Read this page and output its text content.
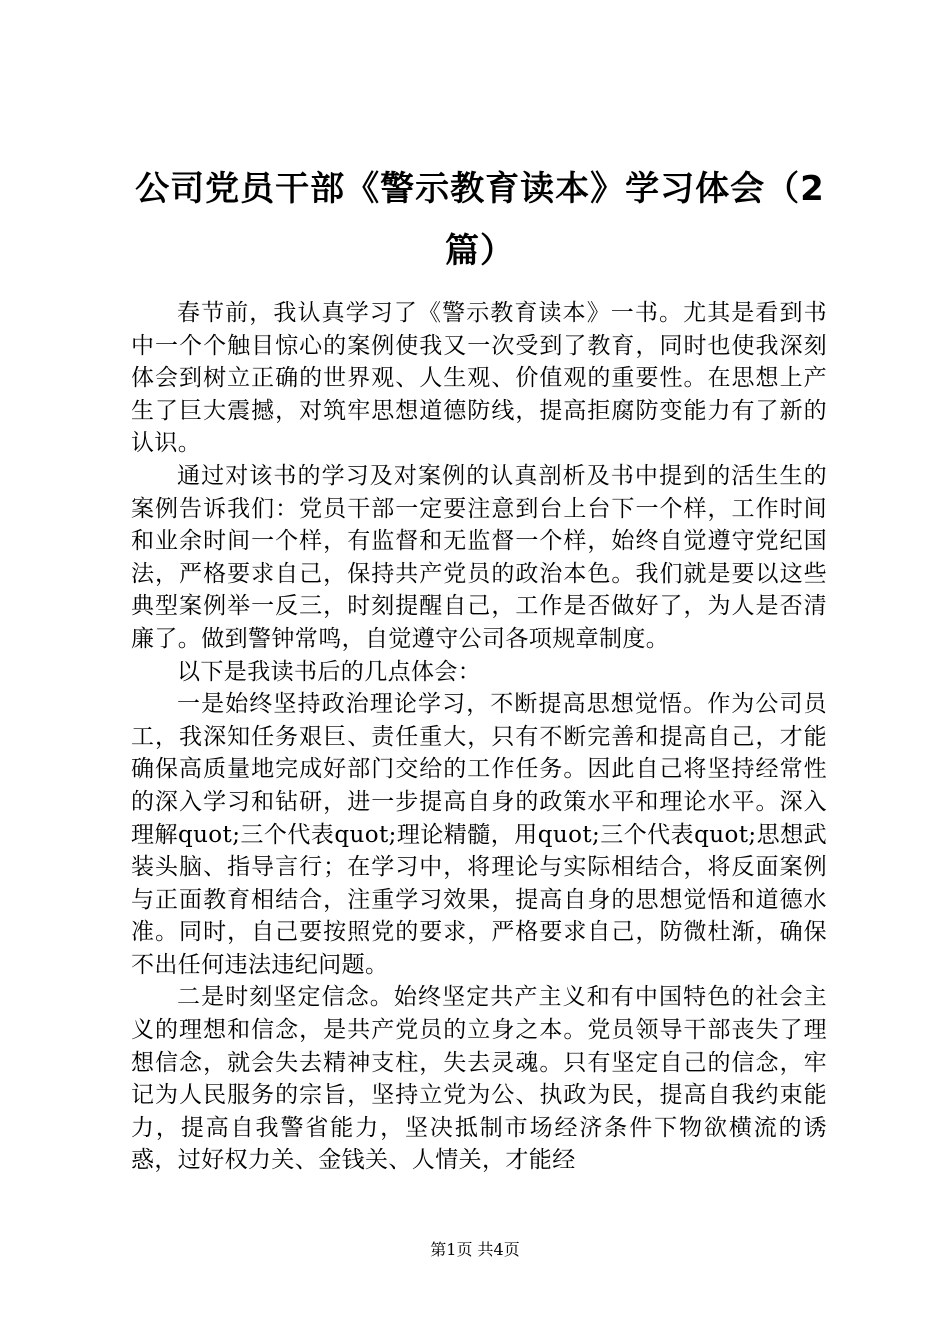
公司党员干部《警示教育读本》学习体会（2篇）

春节前，我认真学习了《警示教育读本》一书。尤其是看到书中一个个触目惊心的案例使我又一次受到了教育，同时也使我深刻体会到树立正确的世界观、人生观、价值观的重要性。在思想上产生了巨大震撼，对筑牢思想道德防线，提高拒腐防变能力有了新的认识。

通过对该书的学习及对案例的认真剖析及书中提到的活生生的案例告诉我们：党员干部一定要注意到台上台下一个样，工作时间和业余时间一个样，有监督和无监督一个样，始终自觉遵守党纪国法，严格要求自己，保持共产党员的政治本色。我们就是要以这些典型案例举一反三，时刻提醒自己，工作是否做好了，为人是否清廉了。做到警钟常鸣，自觉遵守公司各项规章制度。

以下是我读书后的几点体会：

一是始终坚持政治理论学习，不断提高思想觉悟。作为公司员工，我深知任务艰巨、责任重大，只有不断完善和提高自己，才能确保高质量地完成好部门交给的工作任务。因此自己将坚持经常性的深入学习和钻研，进一步提高自身的政策水平和理论水平。深入理解quot;三个代表quot;理论精髓，用quot;三个代表quot;思想武装头脑、指导言行；在学习中，将理论与实际相结合，将反面案例与正面教育相结合，注重学习效果，提高自身的思想觉悟和道德水准。同时，自己要按照党的要求，严格要求自己，防微杜渐，确保不出任何违法违纪问题。

二是时刻坚定信念。始终坚定共产主义和有中国特色的社会主义的理想和信念，是共产党员的立身之本。党员领导干部丧失了理想信念，就会失去精神支柱，失去灵魂。只有坚定自己的信念，牢记为人民服务的宗旨，坚持立党为公、执政为民，提高自我约束能力，提高自我警省能力，坚决抵制市场经济条件下物欲横流的诱惑，过好权力关、金钱关、人情关，才能经

第1页 共4页
